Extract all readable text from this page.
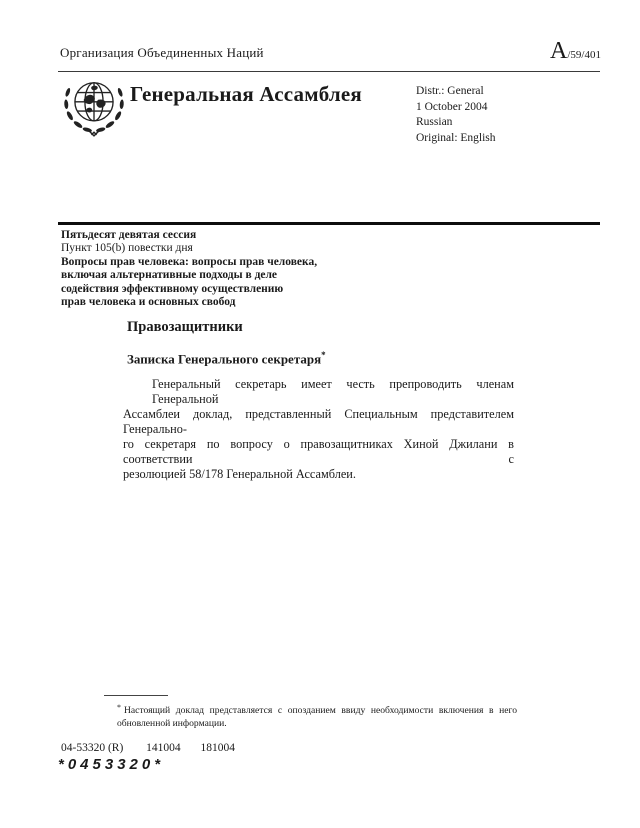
Организация Объединенных Наций	A /59/401
Генеральная Ассамблея	Distr.: General
1 October 2004
Russian
Original: English
Пятьдесят девятая сессия
Пункт 105(b) повестки дня
Вопросы прав человека: вопросы прав человека,
включая альтернативные подходы в деле
содействия эффективному осуществлению
прав человека и основных свобод
Правозащитники
Записка Генерального секретаря*
Генеральный секретарь имеет честь препроводить членам Генеральной
Ассамблеи доклад, представленный Специальным представителем Генерально-
го секретаря по вопросу о правозащитниках Хиной Джилани в соответствии с
резолюцией 58/178 Генеральной Ассамблеи.
* Настоящий доклад представляется с опозданием ввиду необходимости включения в него обновленной информации.
04-53320 (R) 141004 181004
*0453320*
